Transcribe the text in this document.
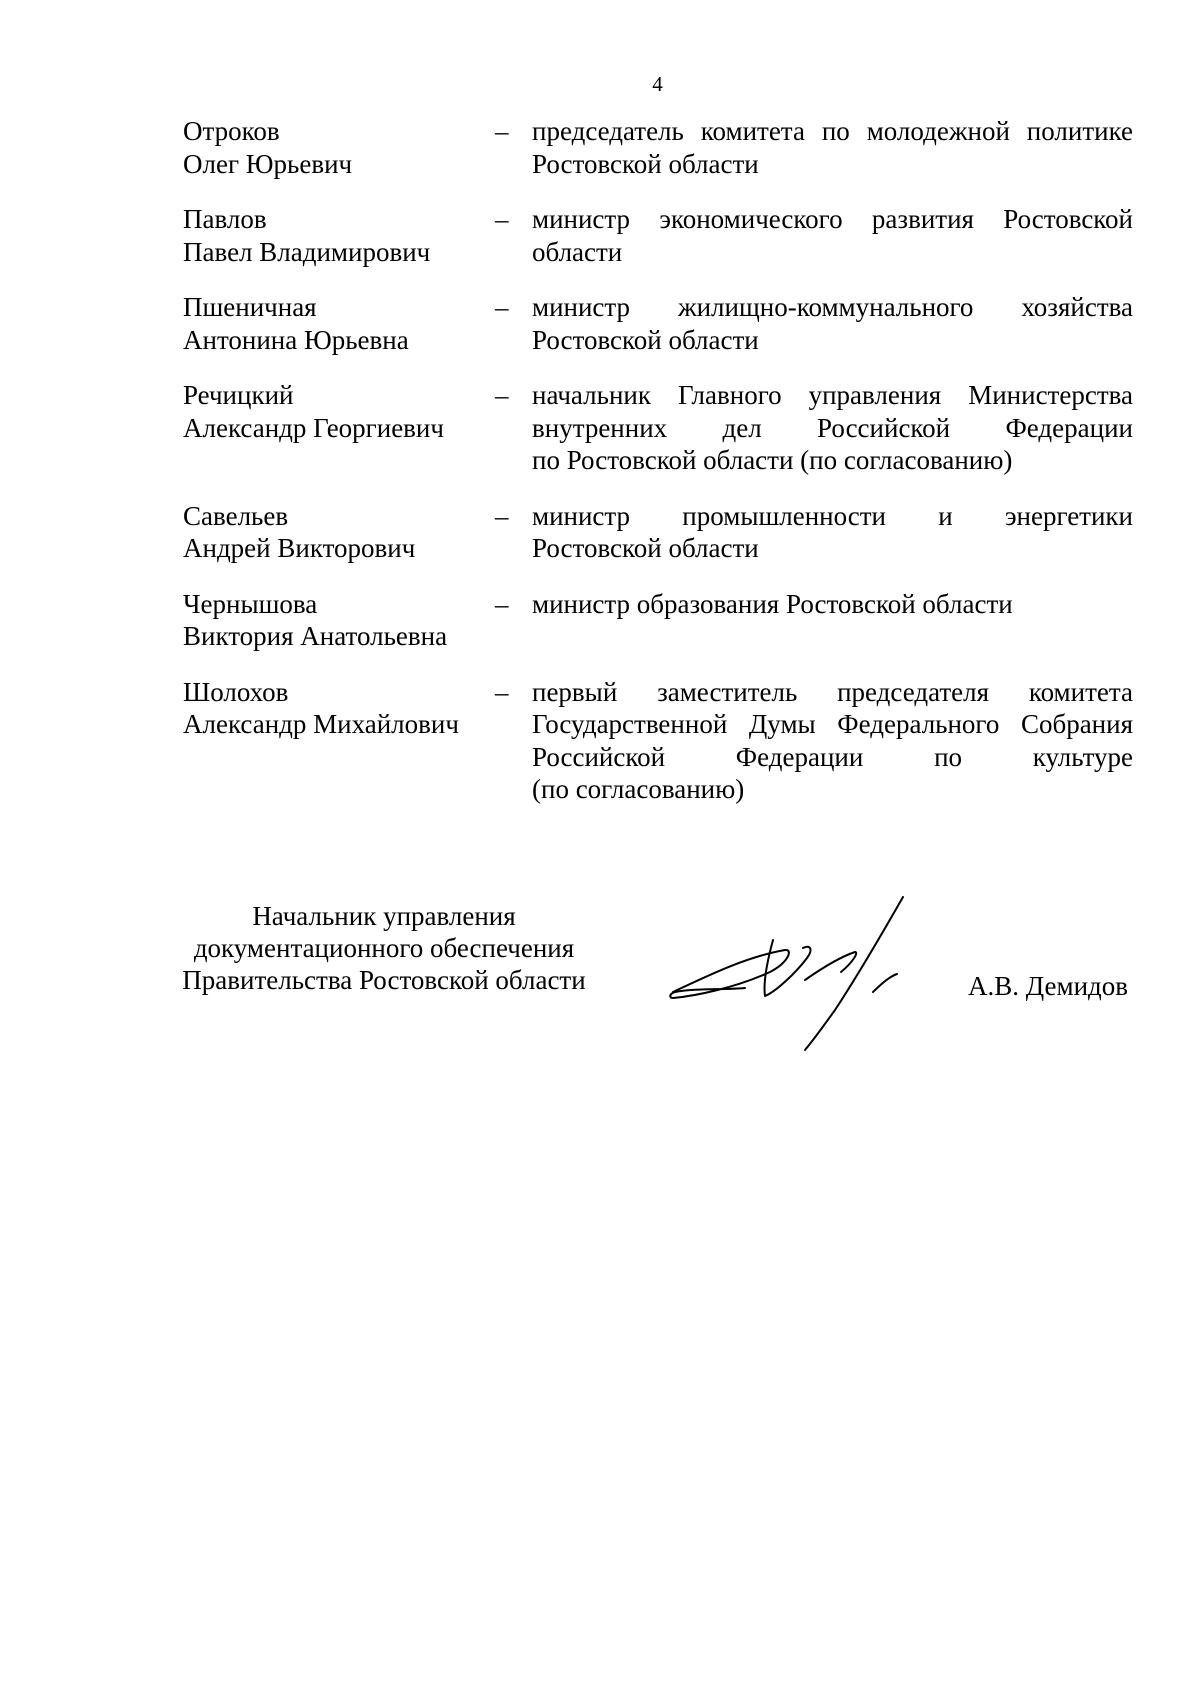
4
Отроков
Олег Юрьевич
– председатель комитета по молодежной политике
Ростовской области
Павлов
Павел Владимирович
– министр экономического развития Ростовской
области
Пшеничная
Антонина Юрьевна
– министр жилищно-коммунального хозяйства
Ростовской области
Речицкий
Александр Георгиевич
– начальник Главного управления Министерства
внутренних дел Российской Федерации
по Ростовской области (по согласованию)
Савельев
Андрей Викторович
– министр промышленности и энергетики
Ростовской области
Чернышова
Виктория Анатольевна
– министр образования Ростовской области
Шолохов
Александр Михайлович
– первый заместитель председателя комитета
Государственной Думы Федерального Собрания
Российской Федерации по культуре
(по согласованию)
Начальник управления
документационного обеспечения
Правительства Ростовской области	А.В. Демидов
